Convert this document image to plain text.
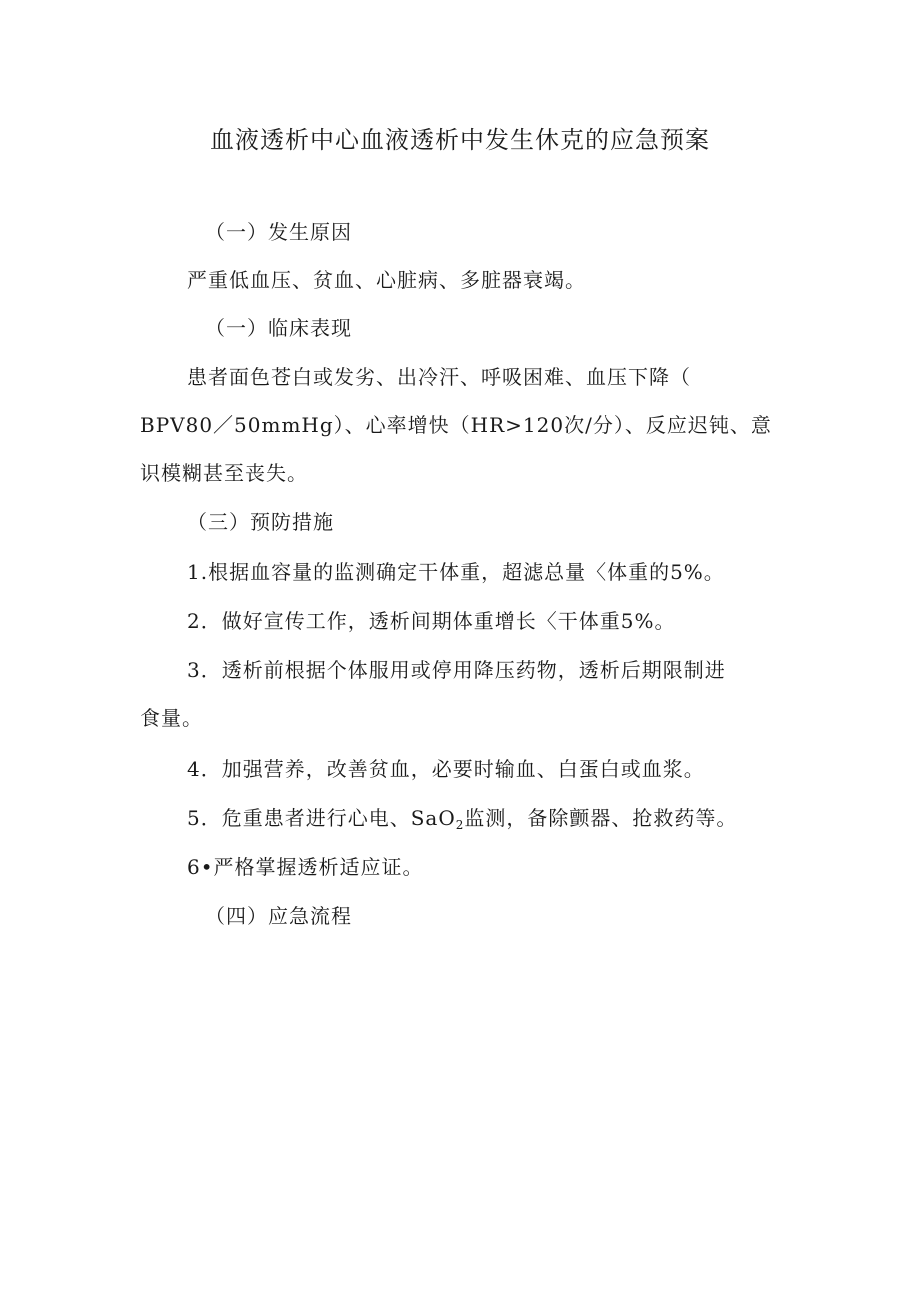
血液透析中心血液透析中发生休克的应急预案
（一）发生原因
严重低血压、贫血、心脏病、多脏器衰竭。
（一）临床表现
患者面色苍白或发劣、出冷汗、呼吸困难、血压下降（
BPV80／50mmHg）、心率增快（HR>120次/分）、反应迟钝、意
识模糊甚至丧失。
（三）预防措施
1.根据血容量的监测确定干体重，超滤总量〈体重的5%。
2．做好宣传工作，透析间期体重增长〈干体重5%。
3．透析前根据个体服用或停用降压药物，透析后期限制进
食量。
4．加强营养，改善贫血，必要时输血、白蛋白或血浆。
5．危重患者进行心电、SaO$_2$监测，备除颤器、抢救药等。
6•严格掌握透析适应证。
（四）应急流程
